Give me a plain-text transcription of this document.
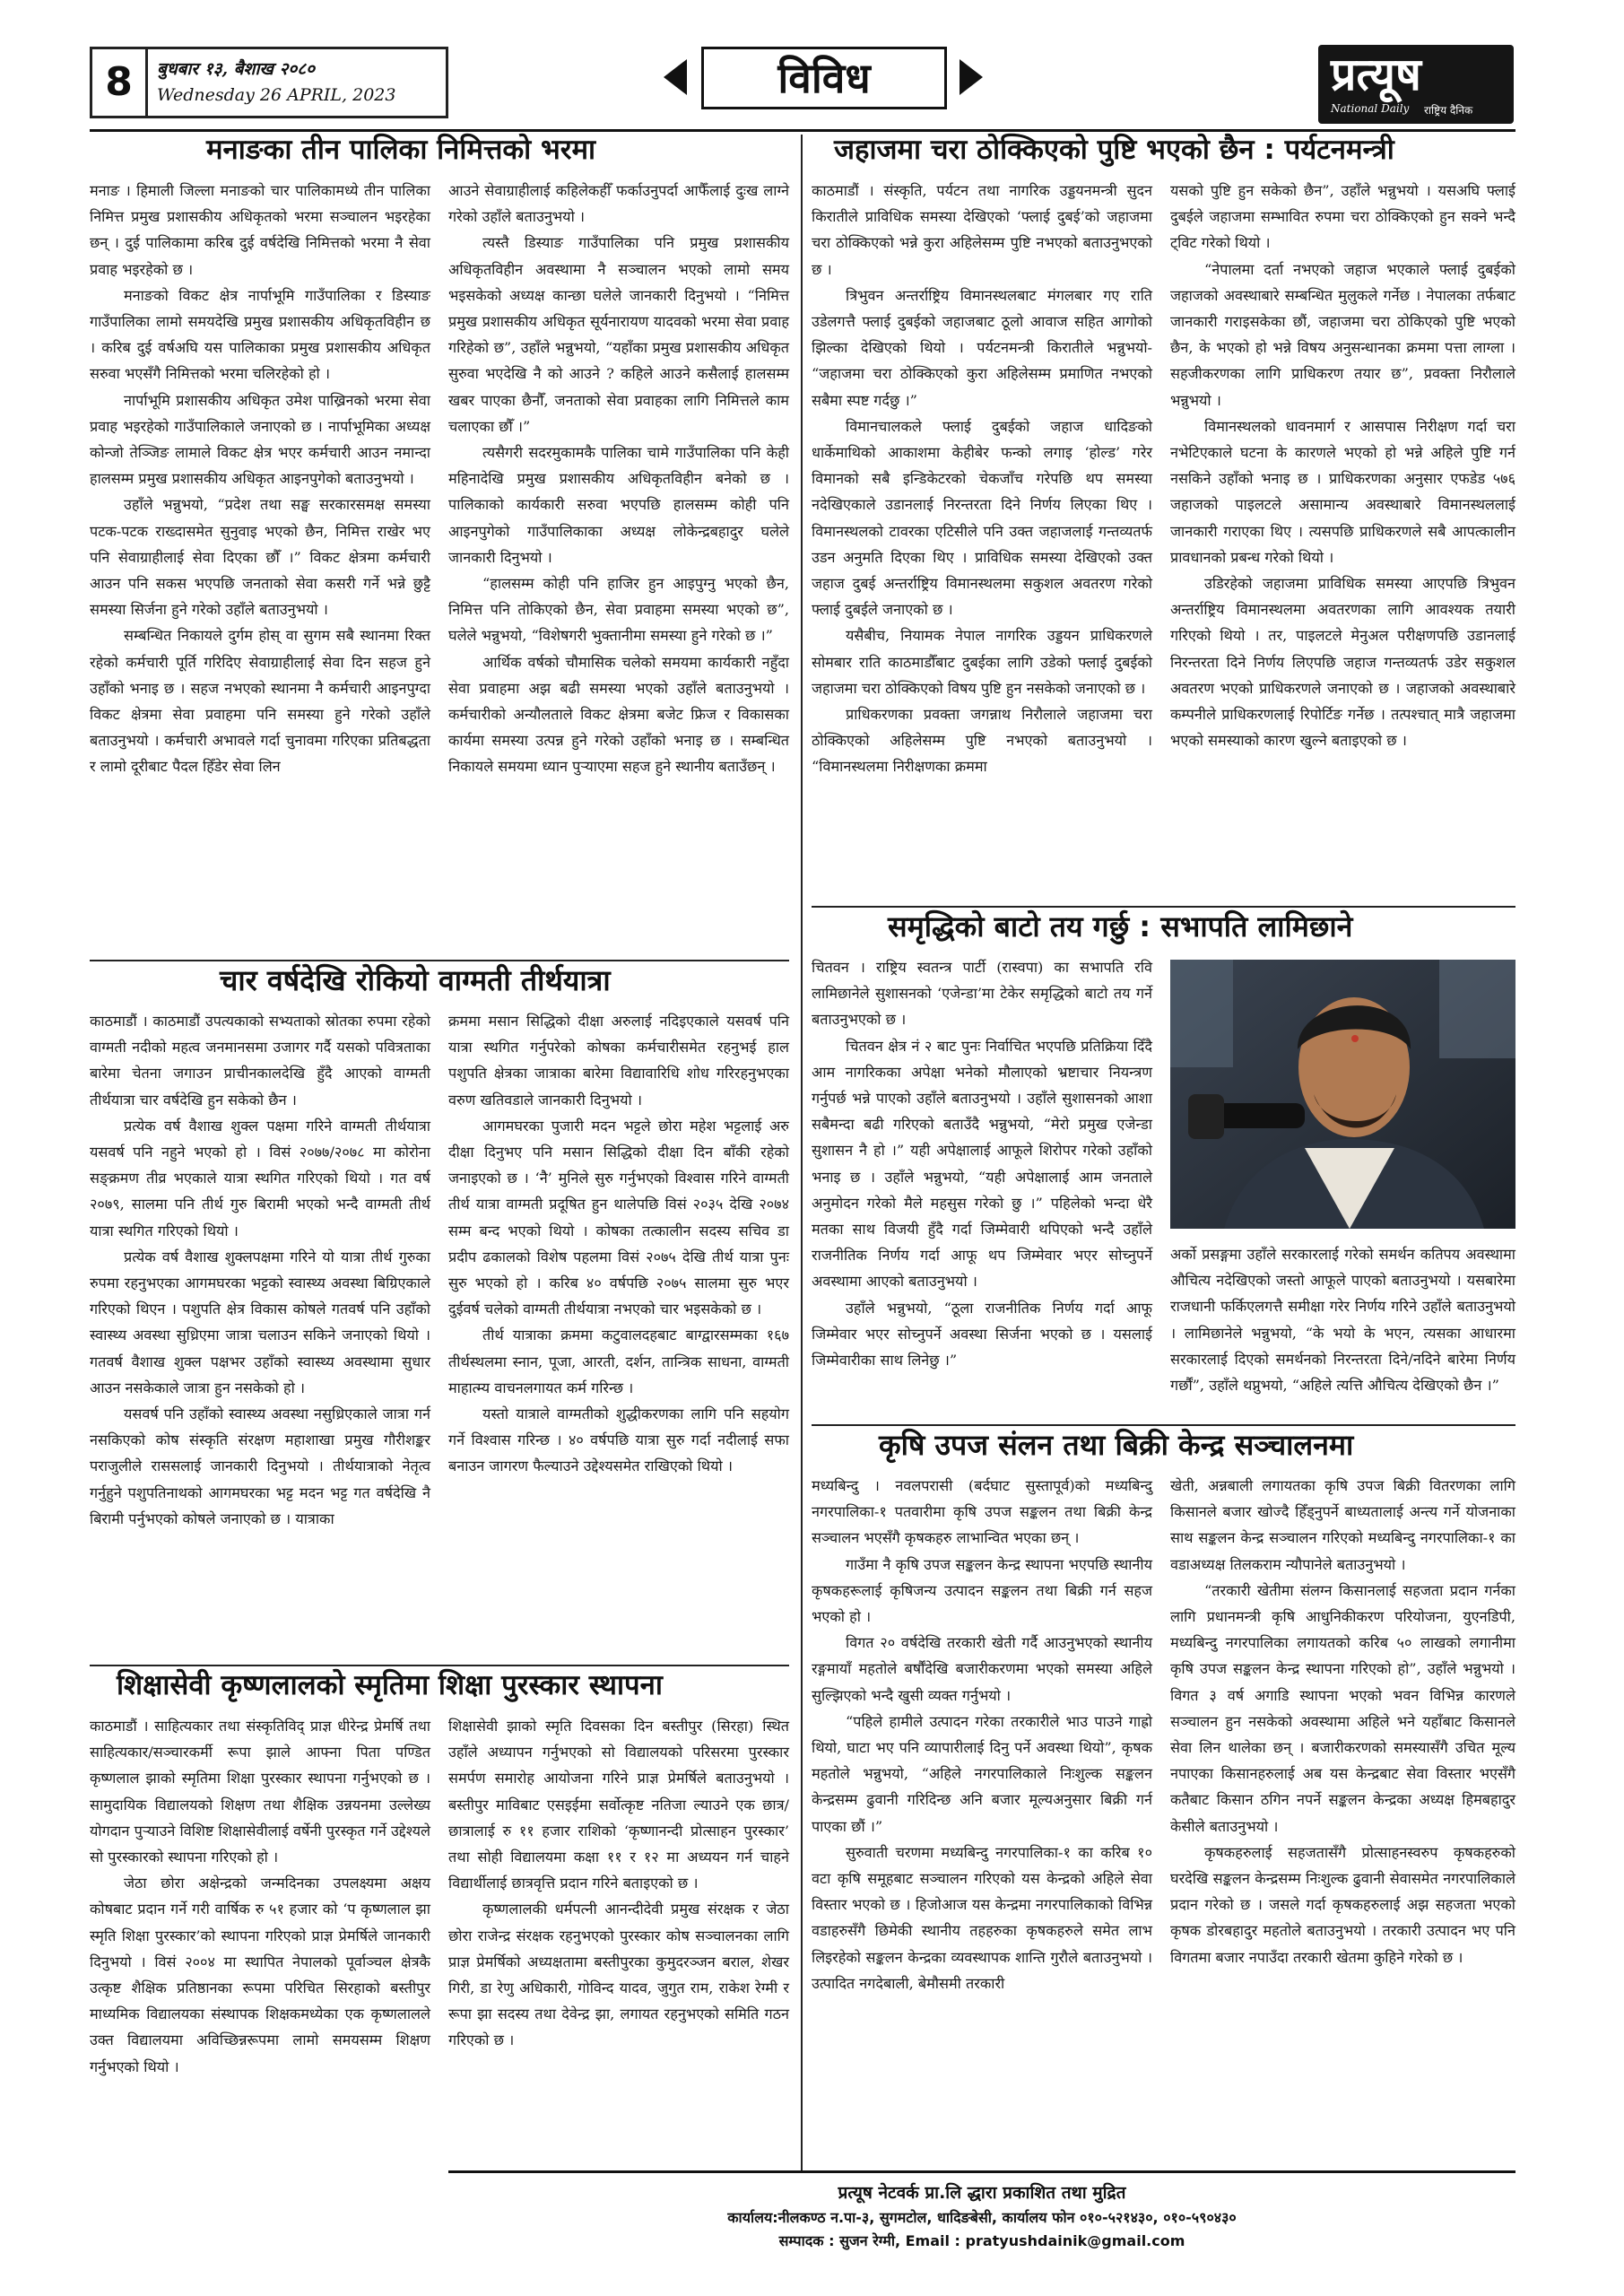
8	बुधबार १३, बैशाख २०८०
Wednesday 26 APRIL, 2023	विविध	प्रत्यूष
National Daily राष्ट्रिय दैनिक
मनाङका तीन पालिका निमित्तको भरमा

मनाङ । हिमाली जिल्ला मनाङको चार पालिकामध्ये तीन पालिका निमित्त प्रमुख प्रशासकीय अधिकृतको भरमा सञ्चालन भइरहेका छन् । दुई पालिकामा करिब दुई वर्षदेखि निमित्तको भरमा नै सेवा प्रवाह भइरहेको छ ।

मनाङको विकट क्षेत्र नार्पाभूमि गाउँपालिका र डिस्याङ गाउँपालिका लामो समयदेखि प्रमुख प्रशासकीय अधिकृतविहीन छ । करिब दुई वर्षअघि यस पालिकाका प्रमुख प्रशासकीय अधिकृत सरुवा भएसँगै निमित्तको भरमा चलिरहेको हो ।

नार्पाभूमि प्रशासकीय अधिकृत उमेश पाख्रिनको भरमा सेवा प्रवाह भइरहेको गाउँपालिकाले जनाएको छ । नार्पाभूमिका अध्यक्ष कोन्जो तेञ्जिङ लामाले विकट क्षेत्र भएर कर्मचारी आउन नमान्दा हालसम्म प्रमुख प्रशासकीय अधिकृत आइनपुगेको बताउनुभयो ।

उहाँले भन्नुभयो, “प्रदेश तथा सङ्घ सरकारसमक्ष समस्या पटक-पटक राख्दासमेत सुनुवाइ भएको छैन, निमित्त राखेर भए पनि सेवाग्राहीलाई सेवा दिएका छौँ ।” विकट क्षेत्रमा कर्मचारी आउन पनि सकस भएपछि जनताको सेवा कसरी गर्ने भन्ने छुट्टै समस्या सिर्जना हुने गरेको उहाँले बताउनुभयो ।

सम्बन्धित निकायले दुर्गम होस् वा सुगम सबै स्थानमा रिक्त रहेको कर्मचारी पूर्ति गरिदिए सेवाग्राहीलाई सेवा दिन सहज हुने उहाँको भनाइ छ । सहज नभएको स्थानमा नै कर्मचारी आइनपुग्दा विकट क्षेत्रमा सेवा प्रवाहमा पनि समस्या हुने गरेको उहाँले बताउनुभयो । कर्मचारी अभावले गर्दा चुनावमा गरिएका प्रतिबद्धता र लामो दूरीबाट पैदल हिँडेर सेवा लिन

आउने सेवाग्राहीलाई कहिलेकहीँ फर्काउनुपर्दा आफैँलाई दुःख लाग्ने गरेको उहाँले बताउनुभयो ।

त्यस्तै डिस्याङ गाउँपालिका पनि प्रमुख प्रशासकीय अधिकृतविहीन अवस्थामा नै सञ्चालन भएको लामो समय भइसकेको अध्यक्ष कान्छा घलेले जानकारी दिनुभयो । “निमित्त प्रमुख प्रशासकीय अधिकृत सूर्यनारायण यादवको भरमा सेवा प्रवाह गरिहेको छ”, उहाँले भन्नुभयो, “यहाँका प्रमुख प्रशासकीय अधिकृत सुरुवा भएदेखि नै को आउने ? कहिले आउने कसैलाई हालसम्म खबर पाएका छैनौँ, जनताको सेवा प्रवाहका लागि निमित्तले काम चलाएका छौँ ।”

त्यसैगरी सदरमुकामकै पालिका चामे गाउँपालिका पनि केही महिनादेखि प्रमुख प्रशासकीय अधिकृतविहीन बनेको छ । पालिकाको कार्यकारी सरुवा भएपछि हालसम्म कोही पनि आइनपुगेको गाउँपालिकाका अध्यक्ष लोकेन्द्रबहादुर घलेले जानकारी दिनुभयो ।

“हालसम्म कोही पनि हाजिर हुन आइपुग्नु भएको छैन, निमित्त पनि तोकिएको छैन, सेवा प्रवाहमा समस्या भएको छ”, घलेले भन्नुभयो, “विशेषगरी भुक्तानीमा समस्या हुने गरेको छ ।”

आर्थिक वर्षको चौमासिक चलेको समयमा कार्यकारी नहुँदा सेवा प्रवाहमा अझ बढी समस्या भएको उहाँले बताउनुभयो । कर्मचारीको अन्यौलताले विकट क्षेत्रमा बजेट फ्रिज र विकासका कार्यमा समस्या उत्पन्न हुने गरेको उहाँको भनाइ छ । सम्बन्धित निकायले समयमा ध्यान पुऱ्याएमा सहज हुने स्थानीय बताउँछन् ।

चार वर्षदेखि रोकियो वाग्मती तीर्थयात्रा

काठमाडौं । काठमाडौं उपत्यकाको सभ्यताको स्रोतका रुपमा रहेको वाग्मती नदीको महत्व जनमानसमा उजागर गर्दै यसको पवित्रताका बारेमा चेतना जगाउन प्राचीनकालदेखि हुँदै आएको वाग्मती तीर्थयात्रा चार वर्षदेखि हुन सकेको छैन ।

प्रत्येक वर्ष वैशाख शुक्ल पक्षमा गरिने वाग्मती तीर्थयात्रा यसवर्ष पनि नहुने भएको हो । विसं २०७७/२०७८ मा कोरोना सङ्क्रमण तीव्र भएकाले यात्रा स्थगित गरिएको थियो । गत वर्ष २०७९, सालमा पनि तीर्थ गुरु बिरामी भएको भन्दै वाग्मती तीर्थ यात्रा स्थगित गरिएको थियो ।

प्रत्येक वर्ष वैशाख शुक्लपक्षमा गरिने यो यात्रा तीर्थ गुरुका रुपमा रहनुभएका आगमघरका भट्टको स्वास्थ्य अवस्था बिग्रिएकाले गरिएको थिएन । पशुपति क्षेत्र विकास कोषले गतवर्ष पनि उहाँको स्वास्थ्य अवस्था सुध्रिएमा जात्रा चलाउन सकिने जनाएको थियो । गतवर्ष वैशाख शुक्ल पक्षभर उहाँको स्वास्थ्य अवस्थामा सुधार आउन नसकेकाले जात्रा हुन नसकेको हो ।

यसवर्ष पनि उहाँको स्वास्थ्य अवस्था नसुध्रिएकाले जात्रा गर्न नसकिएको कोष संस्कृति संरक्षण महाशाखा प्रमुख गौरीशङ्कर पराजुलीले रासस‌लाई जानकारी दिनुभयो । तीर्थयात्राको नेतृत्व गर्नुहुने पशुपतिनाथको आगमघरका भट्ट मदन भट्ट गत वर्षदेखि नै बिरामी पर्नुभएको कोषले जनाएको छ । यात्राका

क्रममा मसान सिद्धिको दीक्षा अरुलाई नदिइएकाले यसवर्ष पनि यात्रा स्थगित गर्नुपरेको कोषका कर्मचारीसमेत रहनुभई हाल पशुपति क्षेत्रका जात्राका बारेमा विद्यावारिधि शोध गरिरहनुभएका वरुण खतिवडाले जानकारी दिनुभयो ।

आगमघरका पुजारी मदन भट्टले छोरा महेश भट्टलाई अरु दीक्षा दिनुभए पनि मसान सिद्धिको दीक्षा दिन बाँकी रहेको जनाइएको छ । ‘नेै’ मुनिले सुरु गर्नुभएको विश्वास गरिने वाग्मती तीर्थ यात्रा वाग्मती प्रदूषित हुन थालेपछि विसं २०३५ देखि २०७४ सम्म बन्द भएको थियो । कोषका तत्कालीन सदस्य सचिव डा प्रदीप ढकालको विशेष पहलमा विसं २०७५ देखि तीर्थ यात्रा पुनः सुरु भएको हो । करिब ४० वर्षपछि २०७५ सालमा सुरु भएर दुईवर्ष चलेको वाग्मती तीर्थयात्रा नभएको चार भइसकेको छ ।

तीर्थ यात्राका क्रममा कटुवालदहबाट बाग्द्वारसम्मका १६७ तीर्थस्थलमा स्नान, पूजा, आरती, दर्शन, तान्त्रिक साधना, वाग्मती माहात्म्य वाचनलगायत कर्म गरिन्छ ।

यस्तो यात्राले वाग्मतीको शुद्धीकरणका लागि पनि सहयोग गर्ने विश्वास गरिन्छ । ४० वर्षपछि यात्रा सुरु गर्दा नदीलाई सफा बनाउन जागरण फैल्याउने उद्देश्यसमेत राखिएको थियो ।

शिक्षासेवी कृष्णलालको स्मृतिमा शिक्षा पुरस्कार स्थापना

काठमाडौं । साहित्यकार तथा संस्कृतिविद् प्राज्ञ धीरेन्द्र प्रेमर्षि तथा साहित्यकार/सञ्चारकर्मी रूपा झाले आफ्ना पिता पण्डित कृष्णलाल झाको स्मृतिमा शिक्षा पुरस्कार स्थापना गर्नुभएको छ । सामुदायिक विद्यालयको शिक्षण तथा शैक्षिक उन्नयनमा उल्लेख्य योगदान पुऱ्याउने विशिष्ट शिक्षासेवीलाई वर्षेनी पुरस्कृत गर्ने उद्देश्यले सो पुरस्कारको स्थापना गरिएको हो ।

जेठा छोरा अक्षेन्द्रको जन्मदिनका उपलक्ष्यमा अक्षय कोषबाट प्रदान गर्ने गरी वार्षिक रु ५१ हजार को ‘प कृष्णलाल झा स्मृति शिक्षा पुरस्कार’को स्थापना गरिएको प्राज्ञ प्रेमर्षिले जानकारी दिनुभयो । विसं २००४ मा स्थापित नेपालको पूर्वाञ्चल क्षेत्रकै उत्कृष्ट शैक्षिक प्रतिष्ठानका रूपमा परिचित सिरहाको बस्तीपुर माध्यमिक विद्यालयका संस्थापक शिक्षकमध्येका एक कृष्णलालले उक्त विद्यालयमा अविच्छिन्नरूपमा लामो समयसम्म शिक्षण गर्नुभएको थियो ।

शिक्षासेवी झाको स्मृति दिवसका दिन बस्तीपुर (सिरहा) स्थित उहाँले अध्यापन गर्नुभएको सो विद्यालयको परिसरमा पुरस्कार समर्पण समारोह आयोजना गरिने प्राज्ञ प्रेमर्षिले बताउनुभयो । बस्तीपुर माविबाट एसइईमा सर्वोत्कृष्ट नतिजा ल्याउने एक छात्र/छात्रालाई रु ११ हजार राशिको ‘कृष्णानन्दी प्रोत्साहन पुरस्कार’ तथा सोही विद्यालयमा कक्षा ११ र १२ मा अध्ययन गर्न चाहने विद्यार्थीलाई छात्रवृत्ति प्रदान गरिने बताइएको छ ।

कृष्णलालकी धर्मपत्नी आनन्दीदेवी प्रमुख संरक्षक र जेठा छोरा राजेन्द्र संरक्षक रहनुभएको पुरस्कार कोष सञ्चालनका लागि प्राज्ञ प्रेमर्षिको अध्यक्षतामा बस्तीपुरका कुमुदरञ्जन बराल, शेखर गिरी, डा रेणु अधिकारी, गोविन्द यादव, जुगुत राम, राकेश रेग्मी र रूपा झा सदस्य तथा देवेन्द्र झा, लगायत रहनुभएको समिति गठन गरिएको छ ।

जहाजमा चरा ठोक्किएको पुष्टि भएको छैन : पर्यटनमन्त्री

काठमाडौं । संस्कृति, पर्यटन तथा नागरिक उड्डयनमन्त्री सुदन किरातीले प्राविधिक समस्या देखिएको ‘फ्लाई दुबई’को जहाजमा चरा ठोक्किएको भन्ने कुरा अहिलेसम्म पुष्टि नभएको बताउनुभएको छ ।

त्रिभुवन अन्तर्राष्ट्रिय विमानस्थलबाट मंगलबार गए राति उडेलगत्तै फ्लाई दुबईको जहाजबाट ठूलो आवाज सहित आगोको झिल्का देखिएको थियो । पर्यटनमन्त्री किरातीले भन्नुभयो- “जहाजमा चरा ठोक्किएको कुरा अहिलेसम्म प्रमाणित नभएको सबैमा स्पष्ट गर्दछु ।”

विमानचालकले फ्लाई दुबईको जहाज धादिङको धार्केमाथिको आकाशमा केहीबेर फन्को लगाइ ‘होल्ड’ गरेर विमानको सबै इन्डिकेटरको चेकजाँच गरेपछि थप समस्या नदेखिएकाले उडानलाई निरन्तरता दिने निर्णय लिएका थिए । विमानस्थलको टावरका एटिसीले पनि उक्त जहाजलाई गन्तव्यतर्फ उडन अनुमति दिएका थिए । प्राविधिक समस्या देखिएको उक्त जहाज दुबई अन्तर्राष्ट्रिय विमानस्थलमा सकुशल अवतरण गरेको फ्लाई दुबईले जनाएको छ ।

यसैबीच, नियामक नेपाल नागरिक उड्डयन प्राधिकरणले सोमबार राति काठमाडौँबाट दुबईका लागि उडेको फ्लाई दुबईको जहाजमा चरा ठोक्किएको विषय पुष्टि हुन नसकेको जनाएको छ ।

प्राधिकरणका प्रवक्ता जगन्नाथ निरौलाले जहाजमा चरा ठोक्किएको अहिलेसम्म पुष्टि नभएको बताउनुभयो । “विमानस्थलमा निरीक्षणका क्रममा

यसको पुष्टि हुन सकेको छैन”, उहाँले भन्नुभयो । यसअघि फ्लाई दुबईले जहाजमा सम्भावित रुपमा चरा ठोक्किएको हुन सक्ने भन्दै ट्विट गरेको थियो ।

“नेपालमा दर्ता नभएको जहाज भएकाले फ्लाई दुबईको जहाजको अवस्थाबारे सम्बन्धित मुलुकले गर्नेछ । नेपालका तर्फबाट जानकारी गराइसकेका छौं, जहाजमा चरा ठोकिएको पुष्टि भएको छैन, के भएको हो भन्ने विषय अनुसन्धानका क्रममा पत्ता लाग्ला । सहजीकरणका लागि प्राधिकरण तयार छ”, प्रवक्ता निरौलाले भन्नुभयो ।

विमानस्थलको धावनमार्ग र आसपास निरीक्षण गर्दा चरा नभेटिएकाले घटना के कारणले भएको हो भन्ने अहिले पुष्टि गर्न नसकिने उहाँको भनाइ छ । प्राधिकरणका अनुसार एफडेड ५७६ जहाजको पाइलटले असामान्य अवस्थाबारे विमानस्थललाई जानकारी गराएका थिए । त्यसपछि प्राधिकरणले सबै आपत्कालीन प्रावधानको प्रबन्ध गरेको थियो ।

उडिरहेको जहाजमा प्राविधिक समस्या आएपछि त्रिभुवन अन्तर्राष्ट्रिय विमानस्थलमा अवतरणका लागि आवश्यक तयारी गरिएको थियो । तर, पाइलटले मेनुअल परीक्षणपछि उडानलाई निरन्तरता दिने निर्णय लिएपछि जहाज गन्तव्यतर्फ उडेर सकुशल अवतरण भएको प्राधिकरणले जनाएको छ । जहाजको अवस्थाबारे कम्पनीले प्राधिकरणलाई रिपोर्टिङ गर्नेछ । तत्पश्चात् मात्रै जहाजमा भएको समस्याको कारण खुल्ने बताइएको छ ।

समृद्धिको बाटो तय गर्छु : सभापति लामिछाने

चितवन । राष्ट्रिय स्वतन्त्र पार्टी (रास्वपा) का सभापति रवि लामिछानेले सुशासनको ‘एजेन्डा’मा टेकेर समृद्धिको बाटो तय गर्ने बताउनुभएको छ ।

चितवन क्षेत्र नं २ बाट पुनः निर्वाचित भएपछि प्रतिक्रिया दिँदै आम नागरिकका अपेक्षा भनेको मौलाएको भ्रष्टाचार नियन्त्रण गर्नुपर्छ भन्ने पाएको उहाँले बताउनुभयो । उहाँले सुशासनको आशा सबैमन्दा बढी गरिएको बताउँदै भन्नुभयो, “मेरो प्रमुख एजेन्डा सुशासन नै हो ।” यही अपेक्षालाई आफूले शिरोपर गरेको उहाँको भनाइ छ । उहाँले भन्नुभयो, “यही अपेक्षालाई आम जनताले अनुमोदन गरेको मैले महसुस गरेको छु ।” पहिलेको भन्दा धेरै मतका साथ विजयी हुँदै गर्दा जिम्मेवारी थपिएको भन्दै उहाँले राजनीतिक निर्णय गर्दा आफू थप जिम्मेवार भएर सोच्नुपर्ने अवस्थामा आएको बताउनुभयो ।

उहाँले भन्नुभयो, “ठूला राजनीतिक निर्णय गर्दा आफू जिम्मेवार भएर सोच्नुपर्ने अवस्था सिर्जना भएको छ । यसलाई जिम्मेवारीका साथ लिनेछु ।”

अर्को प्रसङ्गमा उहाँले सरकारलाई गरेको समर्थन कतिपय अवस्थामा औचित्य नदेखिएको जस्तो आफूले पाएको बताउनुभयो । यसबारेमा राजधानी फर्किएलगत्तै समीक्षा गरेर निर्णय गरिने उहाँले बताउनुभयो । लामिछानेले भन्नुभयो, “के भयो के भएन, त्यसका आधारमा सरकारलाई दिएको समर्थनको निरन्तरता दिने/नदिने बारेमा निर्णय गर्छौं”, उहाँले थप्नुभयो, “अहिले त्यत्ति औचित्य देखिएको छैन ।”

कृषि उपज संलन तथा बिक्री केन्द्र सञ्चालनमा

मध्यबिन्दु । नवलपरासी (बर्दघाट सुस्तापूर्व)को मध्यबिन्दु नगरपालिका-१ पतवारीमा कृषि उपज सङ्कलन तथा बिक्री केन्द्र सञ्चालन भएसँगै कृषकहरु लाभान्वित भएका छन् ।

गाउँमा नै कृषि उपज सङ्कलन केन्द्र स्थापना भएपछि स्थानीय कृषकहरूलाई कृषिजन्य उत्पादन सङ्कलन तथा बिक्री गर्न सहज भएको हो ।

विगत २० वर्षदेखि तरकारी खेती गर्दै आउनुभएको स्थानीय रङ्गमायाँ महतोले बर्षौंदेखि बजारीकरणमा भएको समस्या अहिले सुल्झिएको भन्दै खुसी व्यक्त गर्नुभयो ।

“पहिले हामीले उत्पादन गरेका तरकारीले भाउ पाउने गाह्रो थियो, घाटा भए पनि व्यापारीलाई दिनु पर्ने अवस्था थियो”, कृषक महतोले भन्नुभयो, “अहिले नगरपालिकाले निःशुल्क सङ्कलन केन्द्रसम्म ढुवानी गरिदिन्छ अनि बजार मूल्यअनुसार बिक्री गर्न पाएका छौं ।”

सुरुवाती चरणमा मध्यबिन्दु नगरपालिका-१ का करिब १० वटा कृषि समूहबाट सञ्चालन गरिएको यस केन्द्रको अहिले सेवा विस्तार भएको छ । हिजोआज यस केन्द्रमा नगरपालिकाको विभिन्न वडाहरुसँगै छिमेकी स्थानीय तहहरुका कृषकहरुले समेत लाभ लिइरहेको सङ्कलन केन्द्रका व्यवस्थापक शान्ति गुरौले बताउनुभयो । उत्पादित नगदेबाली, बेमौसमी तरकारी

खेती, अन्नबाली लगायतका कृषि उपज बिक्री वितरणका लागि किसानले बजार खोज्दै हिँड्नुपर्ने बाध्यतालाई अन्त्य गर्ने योजनाका साथ सङ्कलन केन्द्र सञ्चालन गरिएको मध्यबिन्दु नगरपालिका-१ का वडाअध्यक्ष तिलकराम न्यौपानेले बताउनुभयो ।

“तरकारी खेतीमा संलग्न किसानलाई सहजता प्रदान गर्नका लागि प्रधानमन्त्री कृषि आधुनिकीकरण परियोजना, युएनडिपी, मध्यबिन्दु नगरपालिका लगायतको करिब ५० लाखको लगानीमा कृषि उपज सङ्कलन केन्द्र स्थापना गरिएको हो”, उहाँले भन्नुभयो । विगत ३ वर्ष अगाडि स्थापना भएको भवन विभिन्न कारणले सञ्चालन हुन नसकेको अवस्थामा अहिले भने यहाँबाट किसानले सेवा लिन थालेका छन् । बजारीकरणको समस्यासँगै उचित मूल्य नपाएका किसानहरुलाई अब यस केन्द्रबाट सेवा विस्तार भएसँगै कतैबाट किसान ठगिन नपर्ने सङ्कलन केन्द्रका अध्यक्ष हिमबहादुर केसीले बताउनुभयो ।

कृषकहरुलाई सहजतासँगै प्रोत्साहनस्वरुप कृषकहरुको घरदेखि सङ्कलन केन्द्रसम्म निःशुल्क ढुवानी सेवासमेत नगरपालिकाले प्रदान गरेको छ । जसले गर्दा कृषकहरुलाई अझ सहजता भएको कृषक डोरबहादुर महतोले बताउनुभयो । तरकारी उत्पादन भए पनि विगतमा बजार नपाउँदा तरकारी खेतमा कुहिने गरेको छ ।

प्रत्यूष नेटवर्क प्रा.लि द्धारा प्रकाशित तथा मुद्रित
कार्यालय:नीलकण्ठ न.पा-३, सुगमटोल, धादिङबेसी, कार्यालय फोन ०१०-५२१४३०, ०१०-५९०४३०
सम्पादक : सुजन रेग्मी, Email : pratyushdainik@gmail.com
